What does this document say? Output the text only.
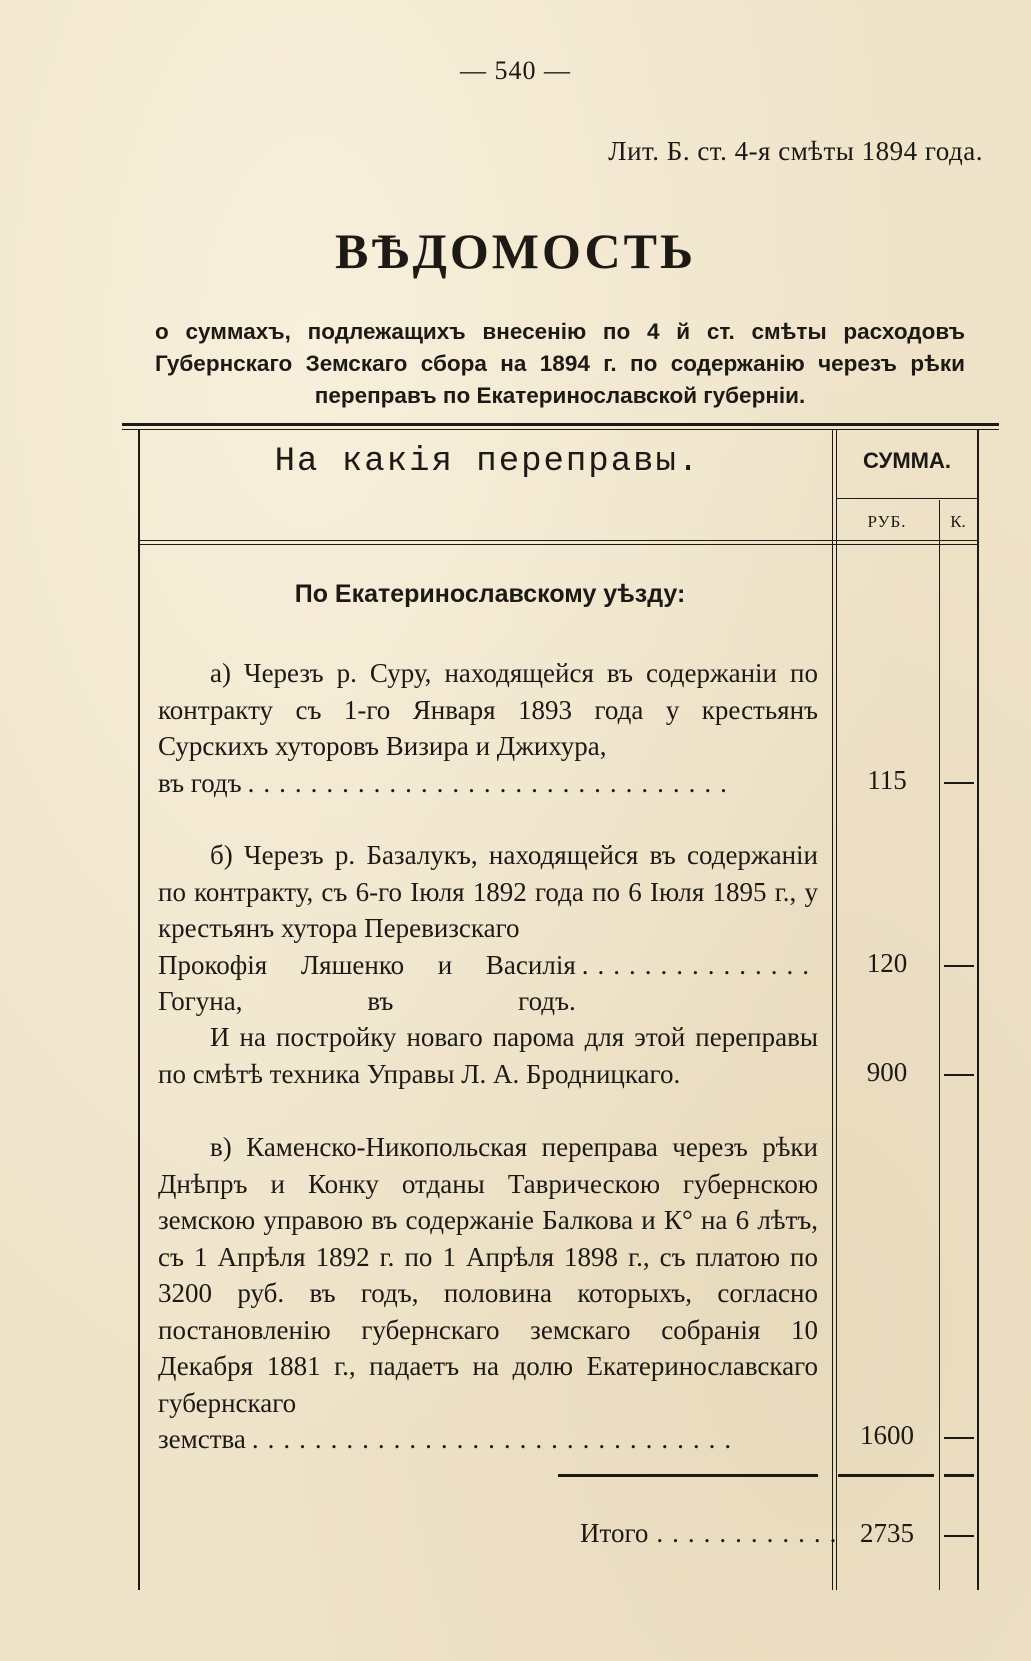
— 540 —
Лит. Б. ст. 4-я смѣты 1894 года.
ВѢДОМОСТЬ
о суммахъ, подлежащихъ внесенію по 4 й ст. смѣты расходовъ Губернскаго Земскаго сбора на 1894 г. по содержанію черезъ рѣки переправъ по Екатеринославской губерніи.
На какія переправы.	СУММА.
РУБ.	К.
По Екатеринославскому уѣзду:
а) Черезъ р. Суру, находящейся въ содержаніи по контракту съ 1-го Января 1893 года у крестьянъ Сурскихъ хуторовъ Визира и Джихура,
въ годъ ...............................	115
б) Черезъ р. Базалукъ, находящейся въ содержаніи по контракту, съ 6-го Іюля 1892 года по 6 Іюля 1895 г., у крестьянъ хутора Перевизскаго
Прокофія Ляшенко и Василія Гогуна, въ годъ.
...............	120
И на постройку новаго парома для этой переправы по смѣтѣ техника Управы Л. А. Бродницкаго.	900
в) Каменско-Никопольская переправа черезъ рѣки Днѣпръ и Конку отданы Таврическою губернскою земскою управою въ содержаніе Балкова и К° на 6 лѣтъ, съ 1 Апрѣля 1892 г. по 1 Апрѣля 1898 г., съ платою по 3200 руб. въ годъ, половина которыхъ, согласно постановленію губернскаго земскаго собранія 10 Декабря 1881 г., падаетъ на долю Екатеринославскаго губернскаго
земства ...............................	1600
Итого ............ 2735
